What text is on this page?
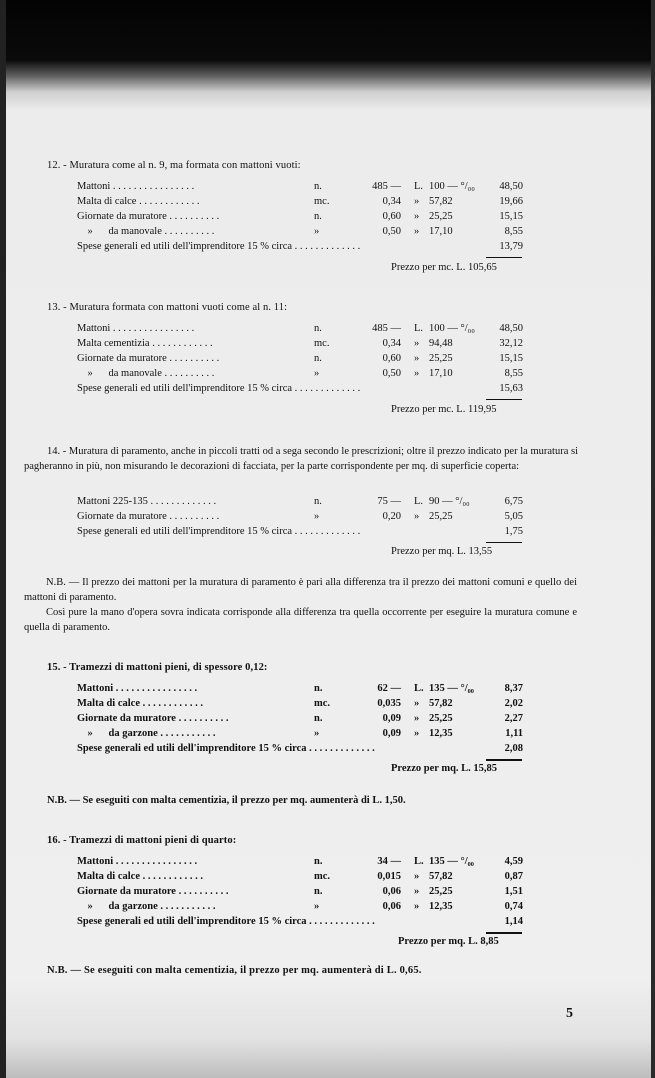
12. - Muratura come al n. 9, ma formata con mattoni vuoti:
Mattoni . . . . . . . . . . . . . . . .	n.	485 — L. 100 — °/₀₀	48,50
Malta di calce . . . . . . . . . . . .	mc.	0,34 » 57,82	19,66
Giornate da muratore . . . . . . . . . .	n.	0,60 » 25,25	15,15
»      da manovale . . . . . . . . . .	»	0,50 » 17,10	8,55
Spese generali ed utili dell'imprenditore 15 % circa . . . . . . . . . . . . .	13,79
Prezzo per mc. L. 105,65
13. - Muratura formata con mattoni vuoti come al n. 11:
Mattoni . . . . . . . . . . . . . . . .	n.	485 — L. 100 — °/₀₀	48,50
Malta cementizia . . . . . . . . . . . .	mc.	0,34 » 94,48	32,12
Giornate da muratore . . . . . . . . . .	n.	0,60 » 25,25	15,15
»      da manovale . . . . . . . . . .	»	0,50 » 17,10	8,55
Spese generali ed utili dell'imprenditore 15 % circa . . . . . . . . . . . . .	15,63
Prezzo per mc. L. 119,95
14. - Muratura di paramento, anche in piccoli tratti od a sega secondo le prescrizioni; oltre il prezzo indicato per la muratura si pagheranno in più, non misurando le decorazioni di facciata, per la parte corrispondente per mq. di superficie coperta:
Mattoni 225-135 . . . . . . . . . . . . .	n.	75 — L. 90 — °/₀₀	6,75
Giornate da muratore . . . . . . . . . .	»	0,20 » 25,25	5,05
Spese generali ed utili dell'imprenditore 15 % circa . . . . . . . . . . . . .	1,75
Prezzo per mq. L. 13,55
N.B. — Il prezzo dei mattoni per la muratura di paramento è pari alla differenza tra il prezzo dei mattoni comuni e quello dei mattoni di paramento.
Così pure la mano d'opera sovra indicata corrisponde alla differenza tra quella occorrente per eseguire la muratura comune e quella di paramento.
15. - Tramezzi di mattoni pieni, di spessore 0,12:
Mattoni . . . . . . . . . . . . . . . .	n.	62 — L. 135 — °/₀₀	8,37
Malta di calce . . . . . . . . . . . .	mc.	0,035 » 57,82	2,02
Giornate da muratore . . . . . . . . . .	n.	0,09 » 25,25	2,27
»      da garzone . . . . . . . . . . .	»	0,09 » 12,35	1,11
Spese generali ed utili dell'imprenditore 15 % circa . . . . . . . . . . . . .	2,08
Prezzo per mq. L. 15,85
N.B. — Se eseguiti con malta cementizia, il prezzo per mq. aumenterà di L. 1,50.
16. - Tramezzi di mattoni pieni di quarto:
Mattoni . . . . . . . . . . . . . . . .	n.	34 — L. 135 — °/₀₀	4,59
Malta di calce . . . . . . . . . . . .	mc.	0,015 » 57,82	0,87
Giornate da muratore . . . . . . . . . .	n.	0,06 » 25,25	1,51
»      da garzone . . . . . . . . . . .	»	0,06 » 12,35	0,74
Spese generali ed utili dell'imprenditore 15 % circa . . . . . . . . . . . . .	1,14
Prezzo per mq. L. 8,85
N.B. — Se eseguiti con malta cementizia, il prezzo per mq. aumenterà di L. 0,65.
5
